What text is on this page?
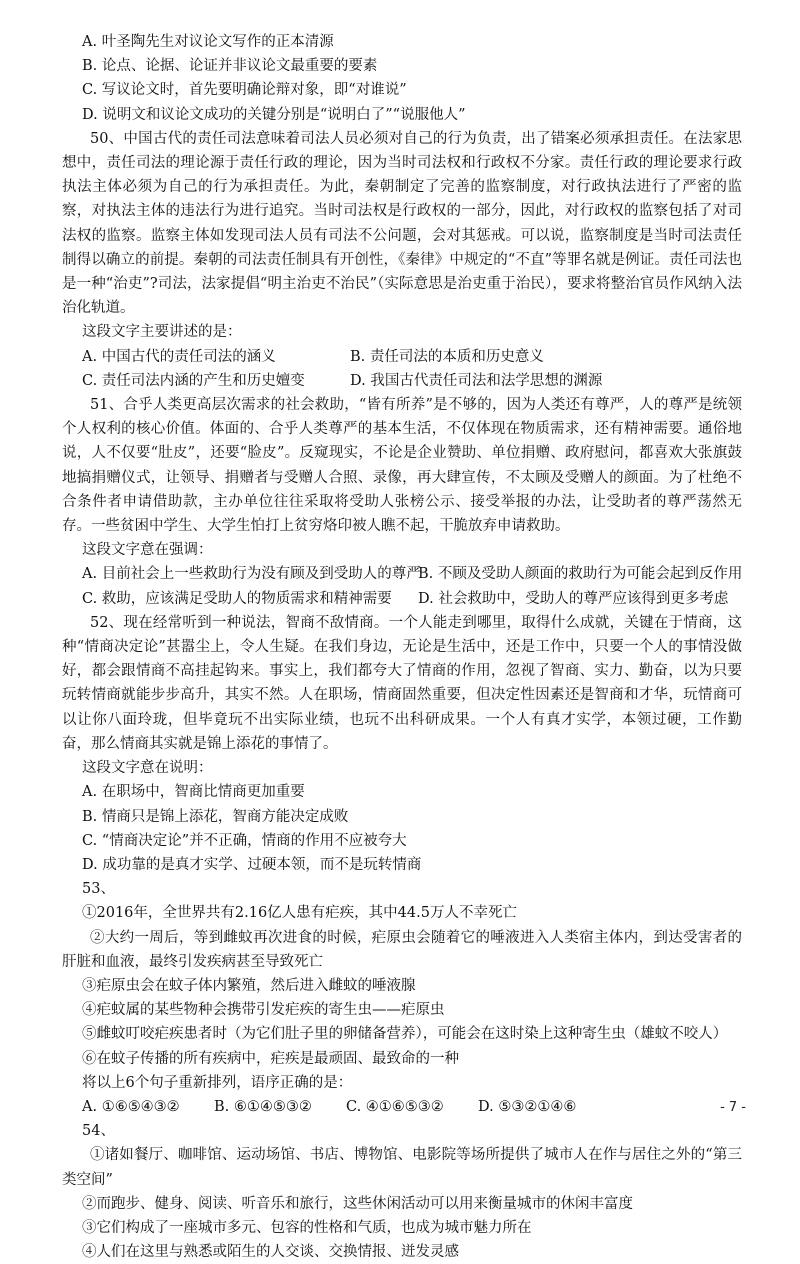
A. 叶圣陶先生对议论文写作的正本清源

B. 论点、论据、论证并非议论文最重要的要素

C. 写议论文时，首先要明确论辩对象，即“对谁说”

D. 说明文和议论文成功的关键分别是“说明白了”“说服他人”

50、中国古代的责任司法意味着司法人员必须对自己的行为负责，出了错案必须承担责任。在法家思想中，责任司法的理论源于责任行政的理论，因为当时司法权和行政权不分家。责任行政的理论要求行政执法主体必须为自己的行为承担责任。为此，秦朝制定了完善的监察制度，对行政执法进行了严密的监察，对执法主体的违法行为进行追究。当时司法权是行政权的一部分，因此，对行政权的监察包括了对司法权的监察。监察主体如发现司法人员有司法不公问题，会对其惩戒。可以说，监察制度是当时司法责任制得以确立的前提。秦朝的司法责任制具有开创性，《秦律》中规定的“不直”等罪名就是例证。责任司法也是一种“治吏”?司法，法家提倡“明主治吏不治民”（实际意思是治吏重于治民），要求将整治官员作风纳入法治化轨道。

这段文字主要讲述的是：

A. 中国古代的责任司法的涵义	B. 责任司法的本质和历史意义
C. 责任司法内涵的产生和历史嬗变	D. 我国古代责任司法和法学思想的渊源

51、合乎人类更高层次需求的社会救助，“皆有所养”是不够的，因为人类还有尊严，人的尊严是统领个人权利的核心价值。体面的、合乎人类尊严的基本生活，不仅体现在物质需求，还有精神需要。通俗地说，人不仅要“肚皮”，还要“脸皮”。反窥现实，不论是企业赞助、单位捐赠、政府慰问，都喜欢大张旗鼓地搞捐赠仪式，让领导、捐赠者与受赠人合照、录像，再大肆宣传，不太顾及受赠人的颜面。为了杜绝不合条件者申请借助款，主办单位往往采取将受助人张榜公示、接受举报的办法，让受助者的尊严荡然无存。一些贫困中学生、大学生怕打上贫穷烙印被人瞧不起，干脆放弃申请救助。

这段文字意在强调：

A. 目前社会上一些救助行为没有顾及到受助人的尊严
B. 不顾及受助人颜面的救助行为可能会起到反作用
C. 救助，应该满足受助人的物质需求和精神需要	D. 社会救助中，受助人的尊严应该得到更多考虑

52、现在经常听到一种说法，智商不敌情商。一个人能走到哪里，取得什么成就，关键在于情商，这种“情商决定论”甚嚣尘上，令人生疑。在我们身边，无论是生活中，还是工作中，只要一个人的事情没做好，都会跟情商不高挂起钩来。事实上，我们都夸大了情商的作用，忽视了智商、实力、勤奋，以为只要玩转情商就能步步高升，其实不然。人在职场，情商固然重要，但决定性因素还是智商和才华，玩情商可以让你八面玲珑，但毕竟玩不出实际业绩，也玩不出科研成果。一个人有真才实学，本领过硬，工作勤奋，那么情商其实就是锦上添花的事情了。

这段文字意在说明：

A. 在职场中，智商比情商更加重要

B. 情商只是锦上添花，智商方能决定成败

C. “情商决定论”并不正确，情商的作用不应被夸大

D. 成功靠的是真才实学、过硬本领，而不是玩转情商

53、

①2016年，全世界共有2.16亿人患有疟疾，其中44.5万人不幸死亡

②大约一周后，等到雌蚊再次进食的时候，疟原虫会随着它的唾液进入人类宿主体内，到达受害者的肝脏和血液，最终引发疾病甚至导致死亡

③疟原虫会在蚊子体内繁殖，然后进入雌蚊的唾液腺

④疟蚊属的某些物种会携带引发疟疾的寄生虫——疟原虫

⑤雌蚊叮咬疟疾患者时（为它们肚子里的卵储备营养），可能会在这时染上这种寄生虫（雄蚊不咬人）

⑥在蚊子传播的所有疾病中，疟疾是最顽固、最致命的一种

将以上6个句子重新排列，语序正确的是：

A. ①⑥⑤④③②	B. ⑥①④⑤③②	C. ④①⑥⑤③②	D. ⑤③②①④⑥

54、

①诸如餐厅、咖啡馆、运动场馆、书店、博物馆、电影院等场所提供了城市人在作与居住之外的“第三类空间”

②而跑步、健身、阅读、听音乐和旅行，这些休闲活动可以用来衡量城市的休闲丰富度

③它们构成了一座城市多元、包容的性格和气质，也成为城市魅力所在

④人们在这里与熟悉或陌生的人交谈、交换情报、迸发灵感

- 7 -
